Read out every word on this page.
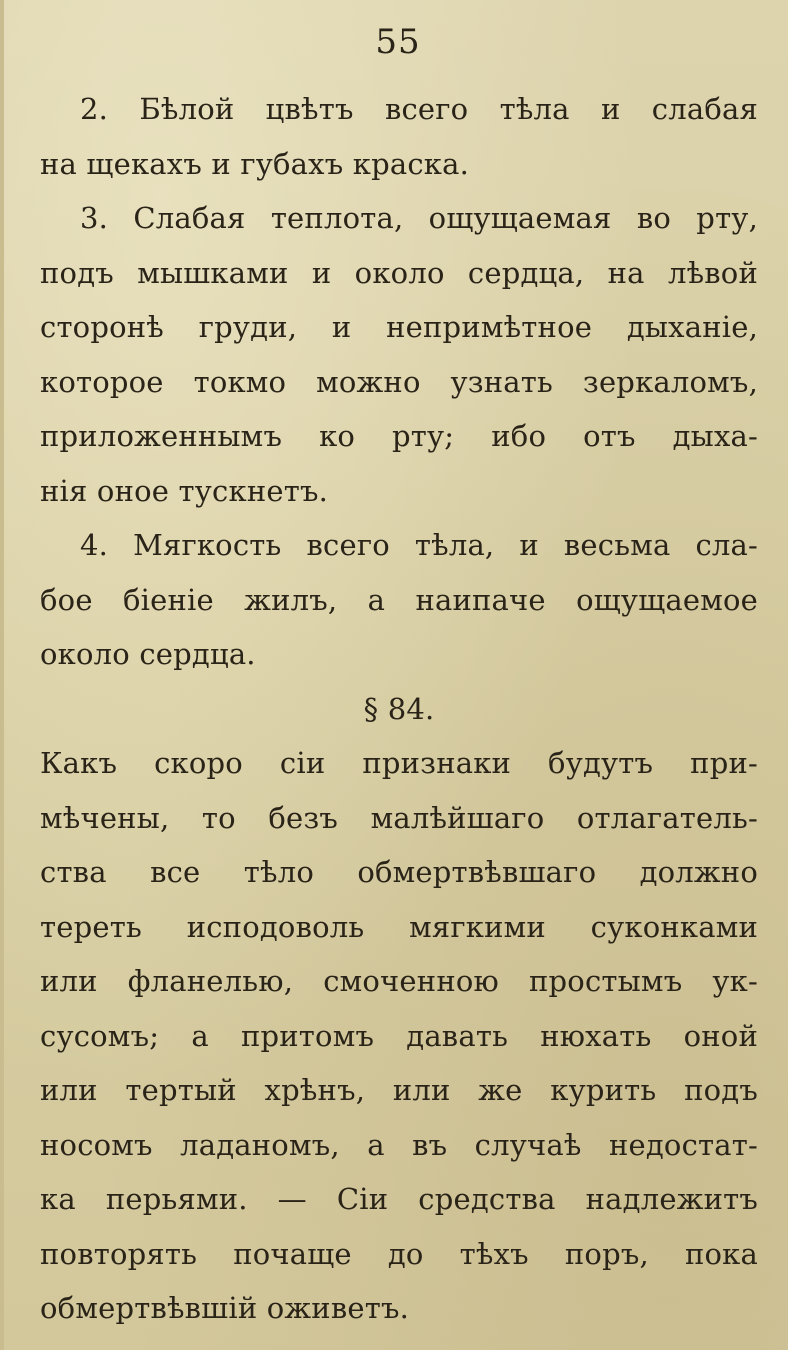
55
2. Бѣлой цвѣтъ всего тѣла и слабая
на щекахъ и губахъ краска.
3. Слабая теплота, ощущаемая во рту,
подъ мышками и около сердца, на лѣвой
сторонѣ груди, и непримѣтное дыханіе,
которое токмо можно узнать зеркаломъ,
приложеннымъ ко рту; ибо отъ дыха-
нія оное тускнетъ.
4. Мягкость всего тѣла, и весьма сла-
бое біеніе жилъ, а наипаче ощущаемое
около сердца.
§ 84.
Какъ скоро сіи признаки будутъ при-
мѣчены, то безъ малѣйшаго отлагатель-
ства все тѣло обмертвѣвшаго должно
тереть исподоволь мягкими суконками
или фланелью, смоченною простымъ ук-
сусомъ; а притомъ давать нюхать оной
или тертый хрѣнъ, или же курить подъ
носомъ ладаномъ, а въ случаѣ недостат-
ка перьями. — Сіи средства надлежитъ
повторять почаще до тѣхъ поръ, пока
обмертвѣвшій оживетъ.
